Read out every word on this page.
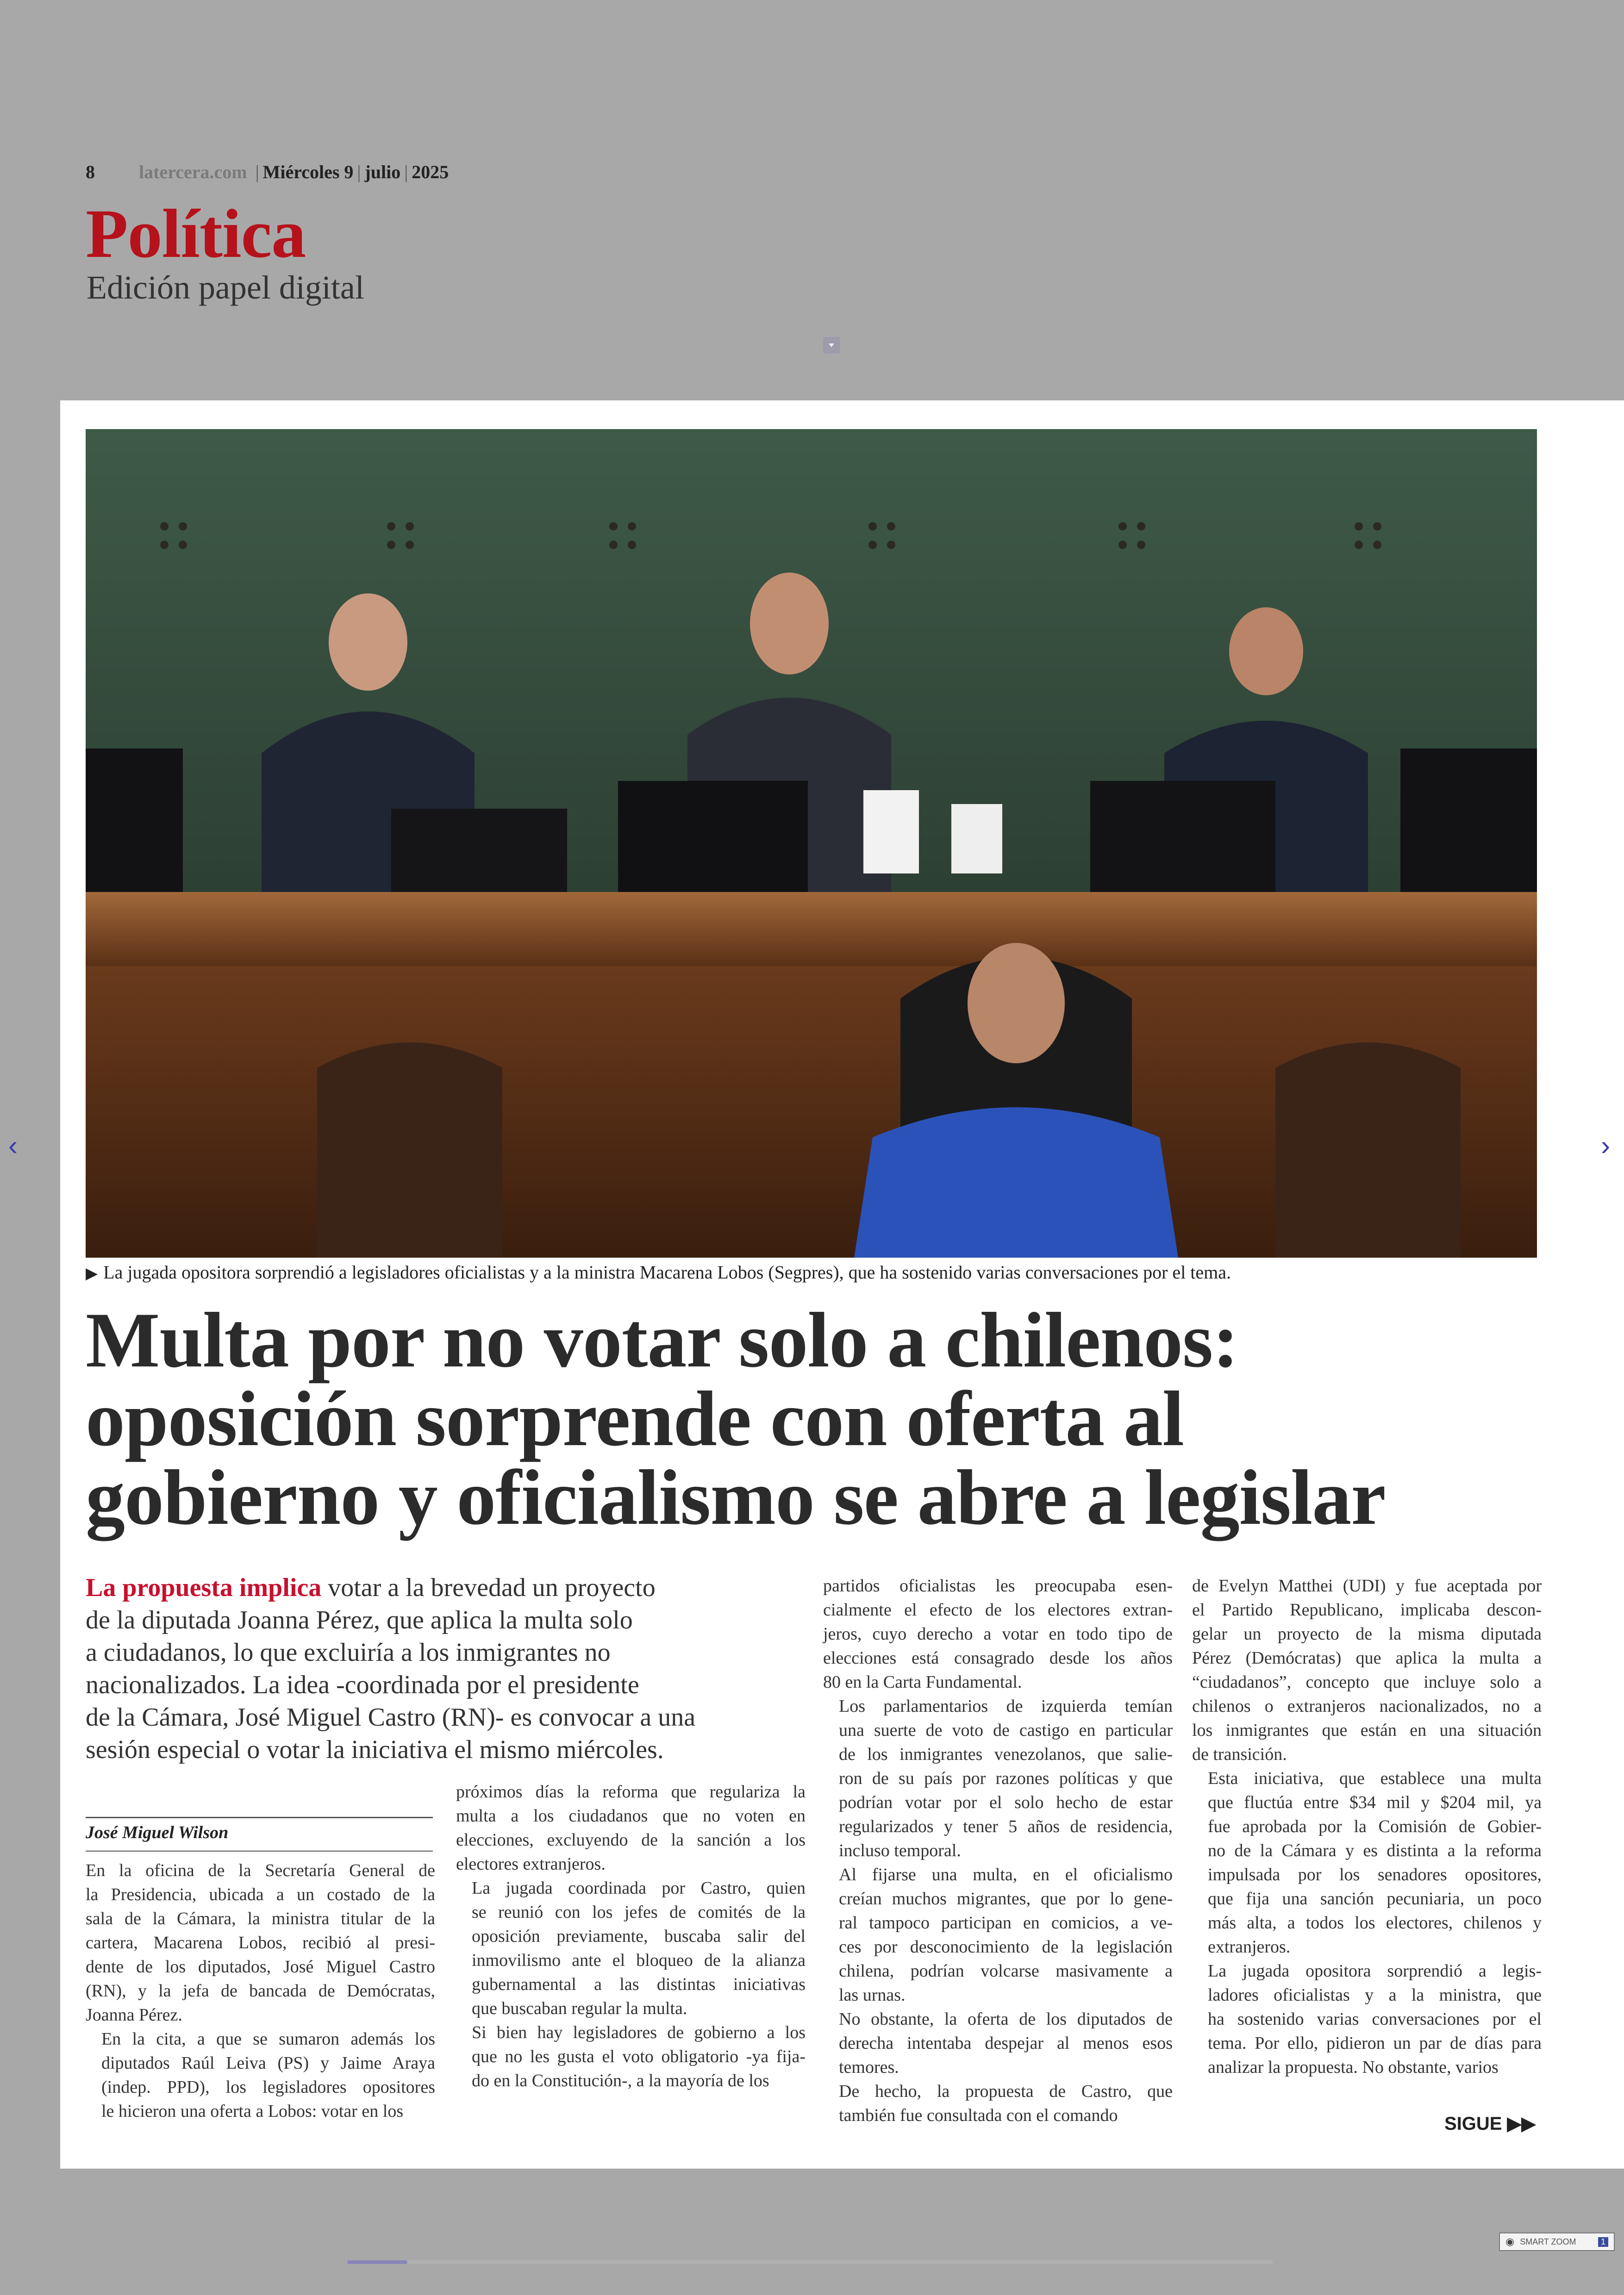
8 latercera.com | Miércoles 9 | julio | 2025
Política
Edición papel digital
▶ La jugada opositora sorprendió a legisladores oficialistas y a la ministra Macarena Lobos (Segpres), que ha sostenido varias conversaciones por el tema.
Multa por no votar solo a chilenos:
oposición sorprende con oferta al
gobierno y oficialismo se abre a legislar
La propuesta implica votar a la brevedad un proyecto
de la diputada Joanna Pérez, que aplica la multa solo
a ciudadanos, lo que excluiría a los inmigrantes no
nacionalizados. La idea -coordinada por el presidente
de la Cámara, José Miguel Castro (RN)- es convocar a una
sesión especial o votar la iniciativa el mismo miércoles.
José Miguel Wilson

En la oficina de la Secretaría General de
la Presidencia, ubicada a un costado de la
sala de la Cámara, la ministra titular de la
cartera, Macarena Lobos, recibió al presi-
dente de los diputados, José Miguel Castro
(RN), y la jefa de bancada de Demócratas,
Joanna Pérez.

En la cita, a que se sumaron además los
diputados Raúl Leiva (PS) y Jaime Araya
(indep. PPD), los legisladores opositores
le hicieron una oferta a Lobos: votar en los

próximos días la reforma que regulariza la
multa a los ciudadanos que no voten en
elecciones, excluyendo de la sanción a los
electores extranjeros.

La jugada coordinada por Castro, quien
se reunió con los jefes de comités de la
oposición previamente, buscaba salir del
inmovilismo ante el bloqueo de la alianza
gubernamental a las distintas iniciativas
que buscaban regular la multa.

Si bien hay legisladores de gobierno a los
que no les gusta el voto obligatorio -ya fija-
do en la Constitución-, a la mayoría de los

partidos oficialistas les preocupaba esen-
cialmente el efecto de los electores extran-
jeros, cuyo derecho a votar en todo tipo de
elecciones está consagrado desde los años
80 en la Carta Fundamental.

Los parlamentarios de izquierda temían
una suerte de voto de castigo en particular
de los inmigrantes venezolanos, que salie-
ron de su país por razones políticas y que
podrían votar por el solo hecho de estar
regularizados y tener 5 años de residencia,
incluso temporal.

Al fijarse una multa, en el oficialismo
creían muchos migrantes, que por lo gene-
ral tampoco participan en comicios, a ve-
ces por desconocimiento de la legislación
chilena, podrían volcarse masivamente a
las urnas.

No obstante, la oferta de los diputados de
derecha intentaba despejar al menos esos
temores.

De hecho, la propuesta de Castro, que
también fue consultada con el comando

de Evelyn Matthei (UDI) y fue aceptada por
el Partido Republicano, implicaba descon-
gelar un proyecto de la misma diputada
Pérez (Demócratas) que aplica la multa a
“ciudadanos”, concepto que incluye solo a
chilenos o extranjeros nacionalizados, no a
los inmigrantes que están en una situación
de transición.

Esta iniciativa, que establece una multa
que fluctúa entre $34 mil y $204 mil, ya
fue aprobada por la Comisión de Gobier-
no de la Cámara y es distinta a la reforma
impulsada por los senadores opositores,
que fija una sanción pecuniaria, un poco
más alta, a todos los electores, chilenos y
extranjeros.

La jugada opositora sorprendió a legis-
ladores oficialistas y a la ministra, que
ha sostenido varias conversaciones por el
tema. Por ello, pidieron un par de días para
analizar la propuesta. No obstante, varios

SIGUE ▶▶
‹	›
◉ SMART ZOOM	1
